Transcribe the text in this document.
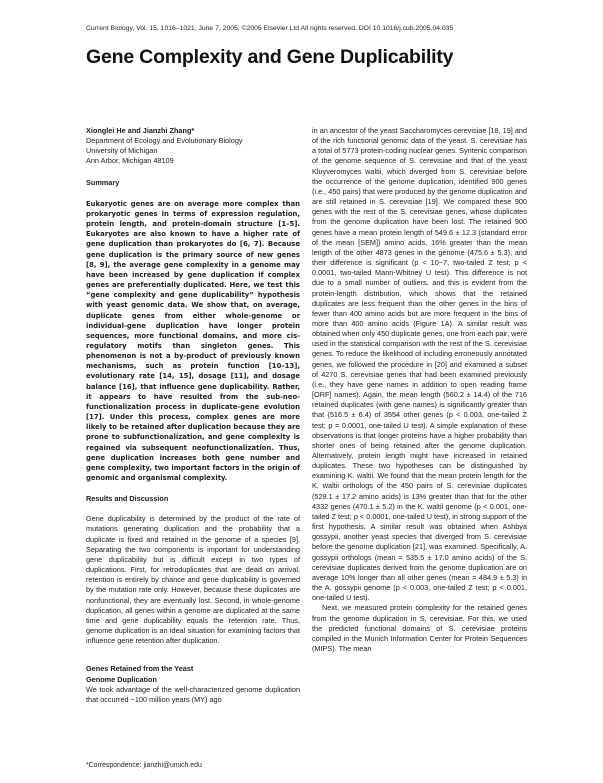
Current Biology, Vol. 15, 1016–1021, June 7, 2005, ©2005 Elsevier Ltd All rights reserved. DOI 10.1016/j.cub.2005.04.035
Gene Complexity and Gene Duplicability

Xionglei He and Jianzhi Zhang*

Department of Ecology and Evolutionary Biology

University of Michigan

Ann Arbor, Michigan 48109

Summary

Eukaryotic genes are on average more complex than prokaryotic genes in terms of expression regulation, protein length, and protein-domain structure [1–5]. Eukaryotes are also known to have a higher rate of gene duplication than prokaryotes do [6, 7]. Because gene duplication is the primary source of new genes [8, 9], the average gene complexity in a genome may have been increased by gene duplication if complex genes are preferentially duplicated. Here, we test this “gene complexity and gene duplicability” hypothesis with yeast genomic data. We show that, on average, duplicate genes from either whole-genome or individual-gene duplication have longer protein sequences, more functional domains, and more cis-regulatory motifs than singleton genes. This phenomenon is not a by-product of previously known mechanisms, such as protein function [10–13], evolutionary rate [14, 15], dosage [11], and dosage balance [16], that influence gene duplicability. Rather, it appears to have resulted from the sub-neo-functionalization process in duplicate-gene evolution [17]. Under this process, complex genes are more likely to be retained after duplication because they are prone to subfunctionalization, and gene complexity is regained via subsequent neofunctionalization. Thus, gene duplication increases both gene number and gene complexity, two important factors in the origin of genomic and organismal complexity.

Results and Discussion

Gene duplicability is determined by the product of the rate of mutations generating duplication and the probability that a duplicate is fixed and retained in the genome of a species [9]. Separating the two components is important for understanding gene duplicability but is difficult except in two types of duplications. First, for retroduplicates that are dead on arrival, retention is entirely by chance and gene duplicability is governed by the mutation rate only. However, because these duplicates are nonfunctional, they are eventually lost. Second, in whole-genome duplication, all genes within a genome are duplicated at the same time and gene duplicability equals the retention rate. Thus, genome duplication is an ideal situation for examining factors that influence gene retention after duplication.

Genes Retained from the Yeast

Genome Duplication

We took advantage of the well-characterized genome duplication that occurred ~100 million years (MY) ago

in an ancestor of the yeast Saccharomyces cerevisiae [18, 19] and of the rich functional genomic data of the yeast. S. cerevisiae has a total of 5773 protein-coding nuclear genes. Syntenic comparison of the genome sequence of S. cerevisiae and that of the yeast Kluyveromyces waltii, which diverged from S. cerevisiae before the occurrence of the genome duplication, identified 900 genes (i.e., 450 pairs) that were produced by the genome duplication and are still retained in S. cerevisiae [19]. We compared these 900 genes with the rest of the S. cerevisiae genes, whose duplicates from the genome duplication have been lost. The retained 900 genes have a mean protein length of 549.6 ± 12.3 (standard error of the mean [SEM]) amino acids, 16% greater than the mean length of the other 4873 genes in the genome (475.6 ± 5.3), and their difference is significant (p < 10−7, two-tailed Z test; p < 0.0001, two-tailed Mann-Whitney U test). This difference is not due to a small number of outliers, and this is evident from the protein-length distribution, which shows that the retained duplicates are less frequent than the other genes in the bins of fewer than 400 amino acids but are more frequent in the bins of more than 400 amino acids (Figure 1A). A similar result was obtained when only 450 duplicate genes, one from each pair, were used in the statistical comparison with the rest of the S. cerevisiae genes. To reduce the likelihood of including erroneously annotated genes, we followed the procedure in [20] and examined a subset of 4270 S. cerevisiae genes that had been examined previously (i.e., they have gene names in addition to open reading frame [ORF] names). Again, the mean length (560.2 ± 14.4) of the 716 retained duplicates (with gene names) is significantly greater than that (516.5 ± 6.4) of 3554 other genes (p < 0.003, one-tailed Z test; p = 0.0001, one-tailed U test). A simple explanation of these observations is that longer proteins have a higher probability than shorter ones of being retained after the genome duplication. Alternatively, protein length might have increased in retained duplicates. These two hypotheses can be distinguished by examining K. waltii. We found that the mean protein length for the K. waltii orthologs of the 450 pairs of S. cerevisiae duplicates (529.1 ± 17.2 amino acids) is 13% greater than that for the other 4332 genes (470.1 ± 5.2) in the K. waltii genome (p < 0.001, one-tailed Z test; p < 0.0001, one-tailed U test), in strong support of the first hypothesis. A similar result was obtained when Ashbya gossypii, another yeast species that diverged from S. cerevisiae before the genome duplication [21], was examined. Specifically, A. gossypii orthologs (mean = 535.5 ± 17.0 amino acids) of the S. cerevisiae duplicates derived from the genome duplication are on average 10% longer than all other genes (mean = 484.9 ± 5.3) in the A. gossypii genome (p < 0.003, one-tailed Z test; p < 0.001, one-tailed U test).

Next, we measured protein complexity for the retained genes from the genome duplication in S. cerevisiae. For this, we used the predicted functional domains of S. cerevisiae proteins compiled in the Munich Information Center for Protein Sequences (MIPS). The mean

*Correspondence: jianzhi@umich.edu
